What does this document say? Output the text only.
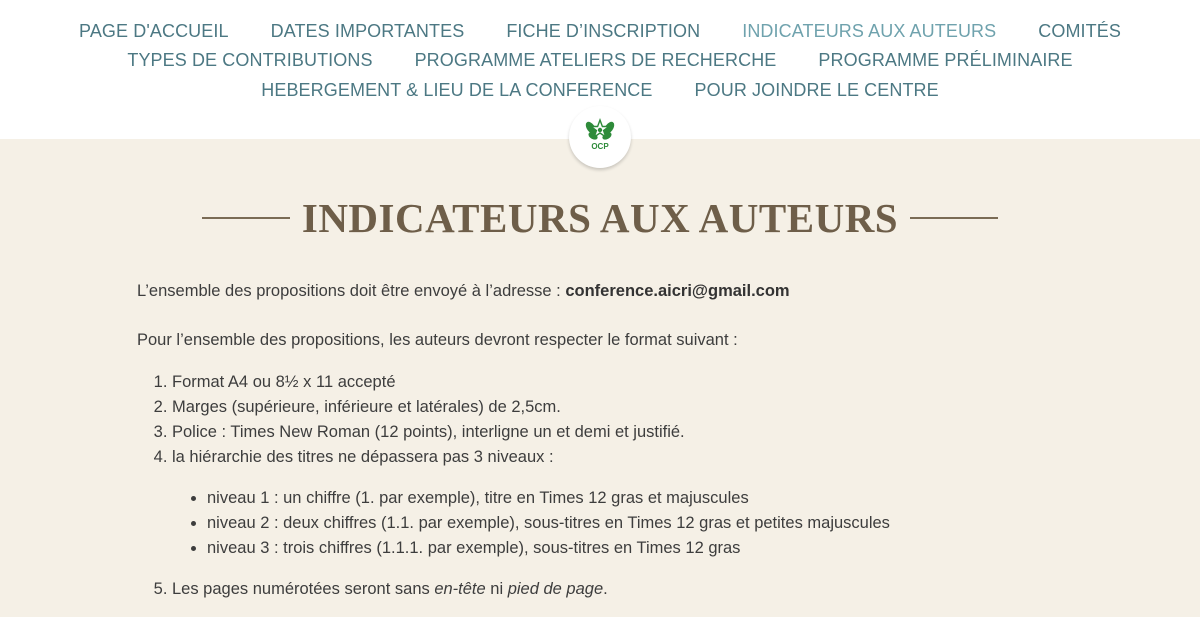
PAGE D'ACCUEIL DATES IMPORTANTES FICHE D’INSCRIPTION INDICATEURS AUX AUTEURS COMITÉS
TYPES DE CONTRIBUTIONS PROGRAMME ATELIERS DE RECHERCHE PROGRAMME PRÉLIMINAIRE
HEBERGEMENT & LIEU DE LA CONFERENCE POUR JOINDRE LE CENTRE
OCP
INDICATEURS AUX AUTEURS

L’ensemble des propositions doit être envoyé à l’adresse : conference.aicri@gmail.com

Pour l’ensemble des propositions, les auteurs devront respecter le format suivant :

1. Format A4 ou 8½ x 11 accepté
2. Marges (supérieure, inférieure et latérales) de 2,5cm.
3. Police : Times New Roman (12 points), interligne un et demi et justifié.
4. la hiérarchie des titres ne dépassera pas 3 niveaux :
• niveau 1 : un chiffre (1. par exemple), titre en Times 12 gras et majuscules
• niveau 2 : deux chiffres (1.1. par exemple), sous-titres en Times 12 gras et petites majuscules
• niveau 3 : trois chiffres (1.1.1. par exemple), sous-titres en Times 12 gras
5. Les pages numérotées seront sans en-tête ni pied de page.
